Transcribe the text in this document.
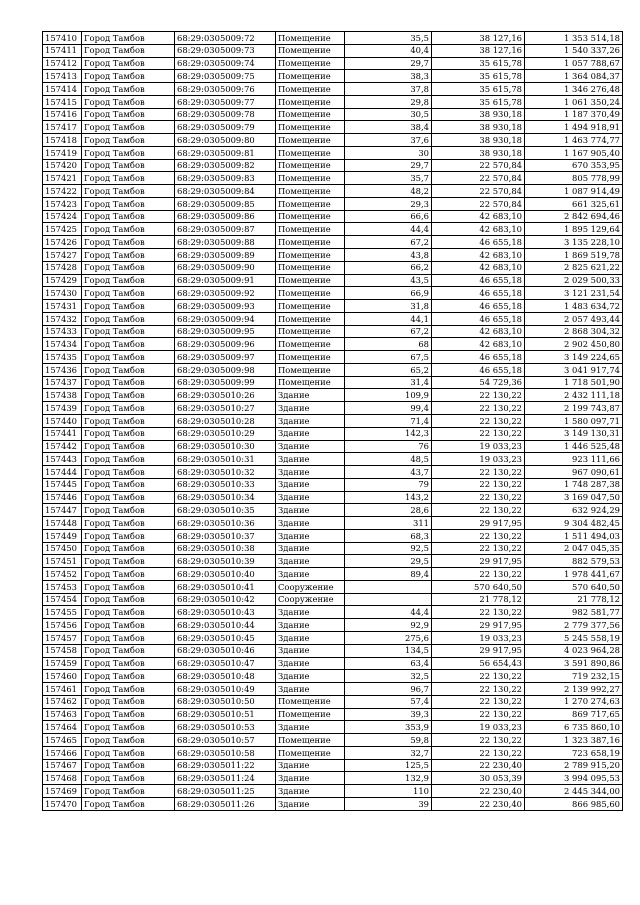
157410	Город Тамбов	68:29:0305009:72	Помещение	35,5	38 127,16	1 353 514,18
157411	Город Тамбов	68:29:0305009:73	Помещение	40,4	38 127,16	1 540 337,26
157412	Город Тамбов	68:29:0305009:74	Помещение	29,7	35 615,78	1 057 788,67
157413	Город Тамбов	68:29:0305009:75	Помещение	38,3	35 615,78	1 364 084,37
157414	Город Тамбов	68:29:0305009:76	Помещение	37,8	35 615,78	1 346 276,48
157415	Город Тамбов	68:29:0305009:77	Помещение	29,8	35 615,78	1 061 350,24
157416	Город Тамбов	68:29:0305009:78	Помещение	30,5	38 930,18	1 187 370,49
157417	Город Тамбов	68:29:0305009:79	Помещение	38,4	38 930,18	1 494 918,91
157418	Город Тамбов	68:29:0305009:80	Помещение	37,6	38 930,18	1 463 774,77
157419	Город Тамбов	68:29:0305009:81	Помещение	30	38 930,18	1 167 905,40
157420	Город Тамбов	68:29:0305009:82	Помещение	29,7	22 570,84	670 353,95
157421	Город Тамбов	68:29:0305009:83	Помещение	35,7	22 570,84	805 778,99
157422	Город Тамбов	68:29:0305009:84	Помещение	48,2	22 570,84	1 087 914,49
157423	Город Тамбов	68:29:0305009:85	Помещение	29,3	22 570,84	661 325,61
157424	Город Тамбов	68:29:0305009:86	Помещение	66,6	42 683,10	2 842 694,46
157425	Город Тамбов	68:29:0305009:87	Помещение	44,4	42 683,10	1 895 129,64
157426	Город Тамбов	68:29:0305009:88	Помещение	67,2	46 655,18	3 135 228,10
157427	Город Тамбов	68:29:0305009:89	Помещение	43,8	42 683,10	1 869 519,78
157428	Город Тамбов	68:29:0305009:90	Помещение	66,2	42 683,10	2 825 621,22
157429	Город Тамбов	68:29:0305009:91	Помещение	43,5	46 655,18	2 029 500,33
157430	Город Тамбов	68:29:0305009:92	Помещение	66,9	46 655,18	3 121 231,54
157431	Город Тамбов	68:29:0305009:93	Помещение	31,8	46 655,18	1 483 634,72
157432	Город Тамбов	68:29:0305009:94	Помещение	44,1	46 655,18	2 057 493,44
157433	Город Тамбов	68:29:0305009:95	Помещение	67,2	42 683,10	2 868 304,32
157434	Город Тамбов	68:29:0305009:96	Помещение	68	42 683,10	2 902 450,80
157435	Город Тамбов	68:29:0305009:97	Помещение	67,5	46 655,18	3 149 224,65
157436	Город Тамбов	68:29:0305009:98	Помещение	65,2	46 655,18	3 041 917,74
157437	Город Тамбов	68:29:0305009:99	Помещение	31,4	54 729,36	1 718 501,90
157438	Город Тамбов	68:29:0305010:26	Здание	109,9	22 130,22	2 432 111,18
157439	Город Тамбов	68:29:0305010:27	Здание	99,4	22 130,22	2 199 743,87
157440	Город Тамбов	68:29:0305010:28	Здание	71,4	22 130,22	1 580 097,71
157441	Город Тамбов	68:29:0305010:29	Здание	142,3	22 130,22	3 149 130,31
157442	Город Тамбов	68:29:0305010:30	Здание	76	19 033,23	1 446 525,48
157443	Город Тамбов	68:29:0305010:31	Здание	48,5	19 033,23	923 111,66
157444	Город Тамбов	68:29:0305010:32	Здание	43,7	22 130,22	967 090,61
157445	Город Тамбов	68:29:0305010:33	Здание	79	22 130,22	1 748 287,38
157446	Город Тамбов	68:29:0305010:34	Здание	143,2	22 130,22	3 169 047,50
157447	Город Тамбов	68:29:0305010:35	Здание	28,6	22 130,22	632 924,29
157448	Город Тамбов	68:29:0305010:36	Здание	311	29 917,95	9 304 482,45
157449	Город Тамбов	68:29:0305010:37	Здание	68,3	22 130,22	1 511 494,03
157450	Город Тамбов	68:29:0305010:38	Здание	92,5	22 130,22	2 047 045,35
157451	Город Тамбов	68:29:0305010:39	Здание	29,5	29 917,95	882 579,53
157452	Город Тамбов	68:29:0305010:40	Здание	89,4	22 130,22	1 978 441,67
157453	Город Тамбов	68:29:0305010:41	Сооружение		570 640,50	570 640,50
157454	Город Тамбов	68:29:0305010:42	Сооружение		21 778,12	21 778,12
157455	Город Тамбов	68:29:0305010:43	Здание	44,4	22 130,22	982 581,77
157456	Город Тамбов	68:29:0305010:44	Здание	92,9	29 917,95	2 779 377,56
157457	Город Тамбов	68:29:0305010:45	Здание	275,6	19 033,23	5 245 558,19
157458	Город Тамбов	68:29:0305010:46	Здание	134,5	29 917,95	4 023 964,28
157459	Город Тамбов	68:29:0305010:47	Здание	63,4	56 654,43	3 591 890,86
157460	Город Тамбов	68:29:0305010:48	Здание	32,5	22 130,22	719 232,15
157461	Город Тамбов	68:29:0305010:49	Здание	96,7	22 130,22	2 139 992,27
157462	Город Тамбов	68:29:0305010:50	Помещение	57,4	22 130,22	1 270 274,63
157463	Город Тамбов	68:29:0305010:51	Помещение	39,3	22 130,22	869 717,65
157464	Город Тамбов	68:29:0305010:53	Здание	353,9	19 033,23	6 735 860,10
157465	Город Тамбов	68:29:0305010:57	Помещение	59,8	22 130,22	1 323 387,16
157466	Город Тамбов	68:29:0305010:58	Помещение	32,7	22 130,22	723 658,19
157467	Город Тамбов	68:29:0305011:22	Здание	125,5	22 230,40	2 789 915,20
157468	Город Тамбов	68:29:0305011:24	Здание	132,9	30 053,39	3 994 095,53
157469	Город Тамбов	68:29:0305011:25	Здание	110	22 230,40	2 445 344,00
157470	Город Тамбов	68:29:0305011:26	Здание	39	22 230,40	866 985,60
